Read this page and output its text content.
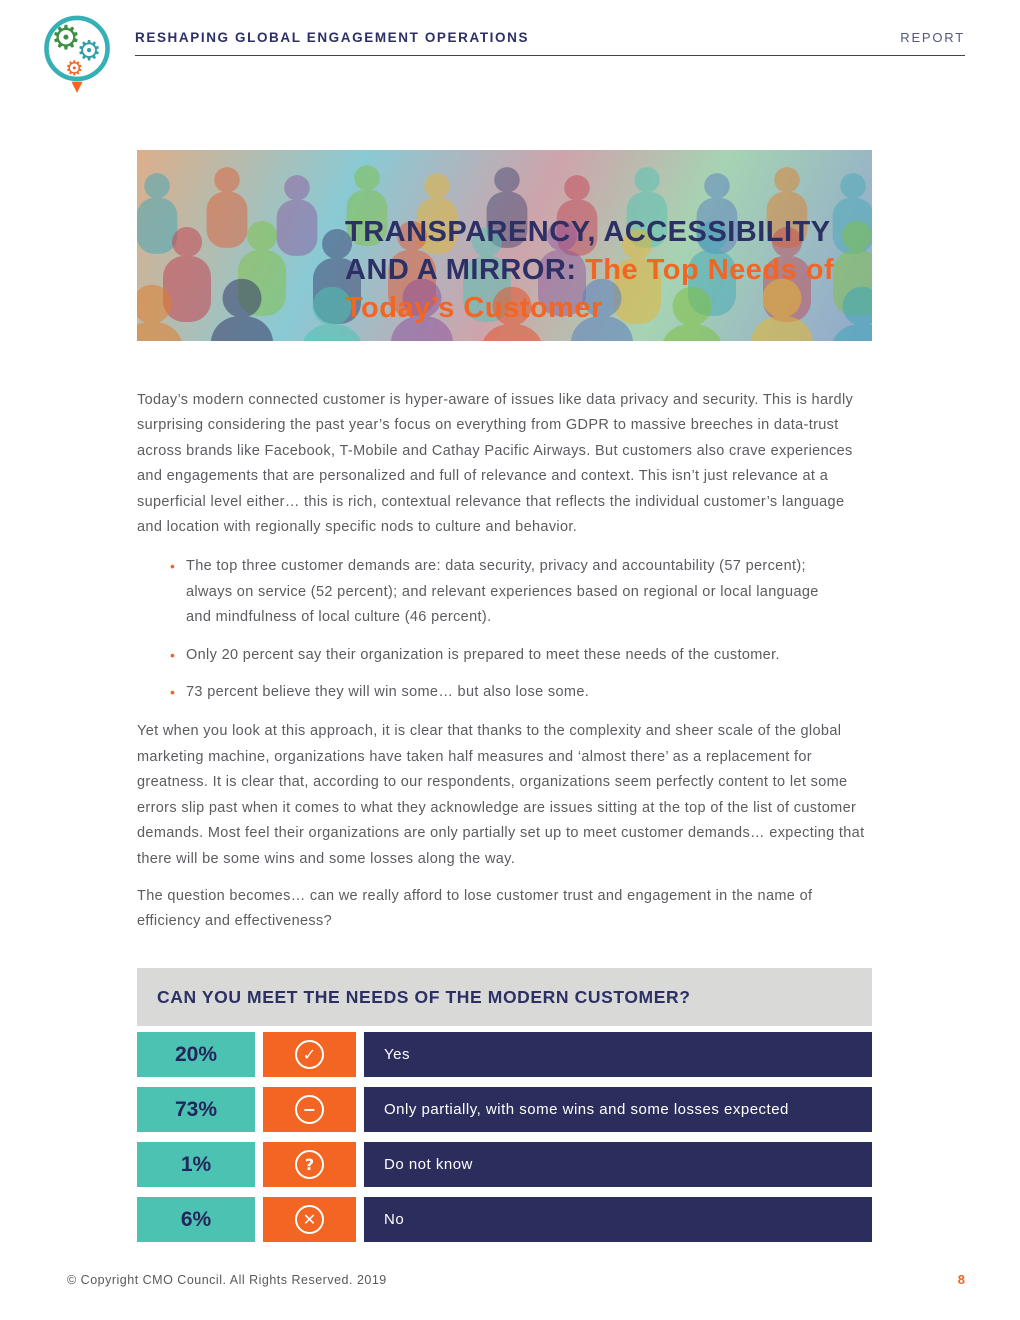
⚙
⚙
⚙
RESHAPING GLOBAL ENGAGEMENT OPERATIONS	REPORT
TRANSPARENCY, ACCESSIBILITY AND A MIRROR: The Top Needs of Today’s Customer

Today’s modern connected customer is hyper-aware of issues like data privacy and security. This is hardly surprising considering the past year’s focus on everything from GDPR to massive breeches in data-trust across brands like Facebook, T-Mobile and Cathay Pacific Airways. But customers also crave experiences and engagements that are personalized and full of relevance and context. This isn’t just relevance at a superficial level either… this is rich, contextual relevance that reflects the individual customer’s language and location with regionally specific nods to culture and behavior.

• The top three customer demands are: data security, privacy and accountability (57 percent); always on service (52 percent); and relevant experiences based on regional or local language and mindfulness of local culture (46 percent).
• Only 20 percent say their organization is prepared to meet these needs of the customer.
• 73 percent believe they will win some… but also lose some.

Yet when you look at this approach, it is clear that thanks to the complexity and sheer scale of the global marketing machine, organizations have taken half measures and ‘almost there’ as a replacement for greatness. It is clear that, according to our respondents, organizations seem perfectly content to let some errors slip past when it comes to what they acknowledge are issues sitting at the top of the list of customer demands. Most feel their organizations are only partially set up to meet customer demands… expecting that there will be some wins and some losses along the way.

The question becomes… can we really afford to lose customer trust and engagement in the name of efficiency and effectiveness?

CAN YOU MEET THE NEEDS OF THE MODERN CUSTOMER?
20%	✓	Yes
73%	−	Only partially, with some wins and some losses expected
1%	?	Do not know
6%	✕	No
© Copyright CMO Council. All Rights Reserved. 2019	8
